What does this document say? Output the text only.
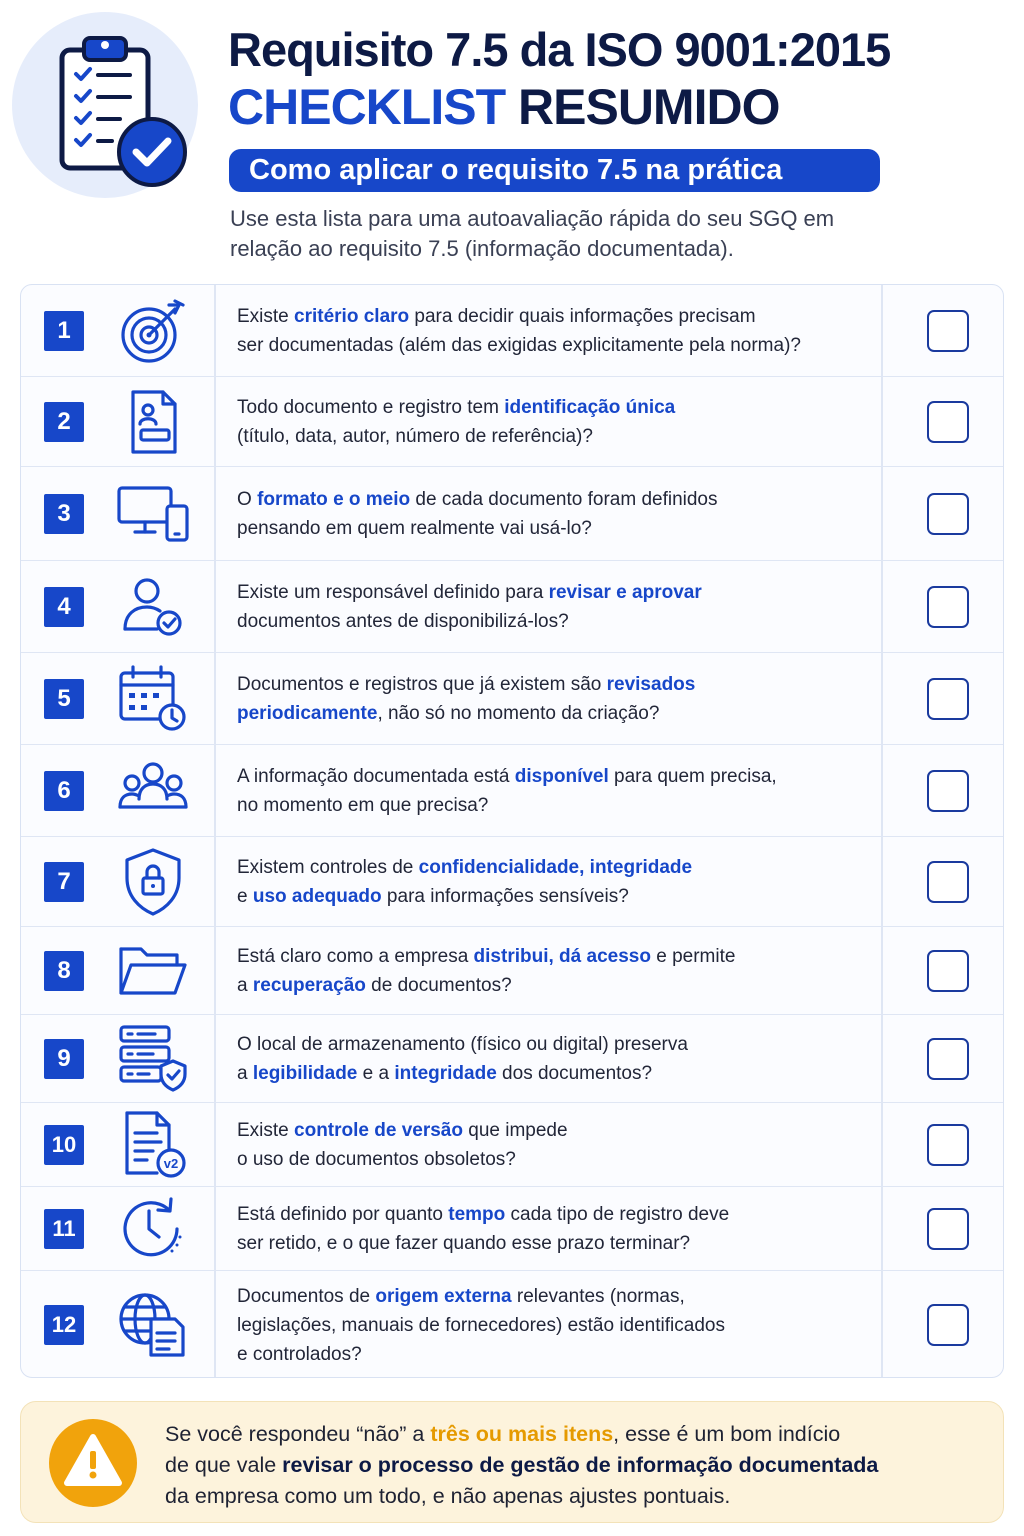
Requisito 7.5 da ISO 9001:2015
CHECKLIST RESUMIDO
Como aplicar o requisito 7.5 na prática
Use esta lista para uma autoavaliação rápida do seu SGQ em
relação ao requisito 7.5 (informação documentada).
1
Existe critério claro para decidir quais informações precisam
ser documentadas (além das exigidas explicitamente pela norma)?
2
Todo documento e registro tem identificação única
(título, data, autor, número de referência)?
3
O formato e o meio de cada documento foram definidos
pensando em quem realmente vai usá-lo?
4
Existe um responsável definido para revisar e aprovar
documentos antes de disponibilizá-los?
5
Documentos e registros que já existem são revisados
periodicamente, não só no momento da criação?
6
A informação documentada está disponível para quem precisa,
no momento em que precisa?
7
Existem controles de confidencialidade, integridade
e uso adequado para informações sensíveis?
8
Está claro como a empresa distribui, dá acesso e permite
a recuperação de documentos?
9
O local de armazenamento (físico ou digital) preserva
a legibilidade e a integridade dos documentos?
10
v2
Existe controle de versão que impede
o uso de documentos obsoletos?
11
Está definido por quanto tempo cada tipo de registro deve
ser retido, e o que fazer quando esse prazo terminar?
12
Documentos de origem externa relevantes (normas,
legislações, manuais de fornecedores) estão identificados
e controlados?
Se você respondeu “não” a três ou mais itens, esse é um bom indício
de que vale revisar o processo de gestão de informação documentada
da empresa como um todo, e não apenas ajustes pontuais.
